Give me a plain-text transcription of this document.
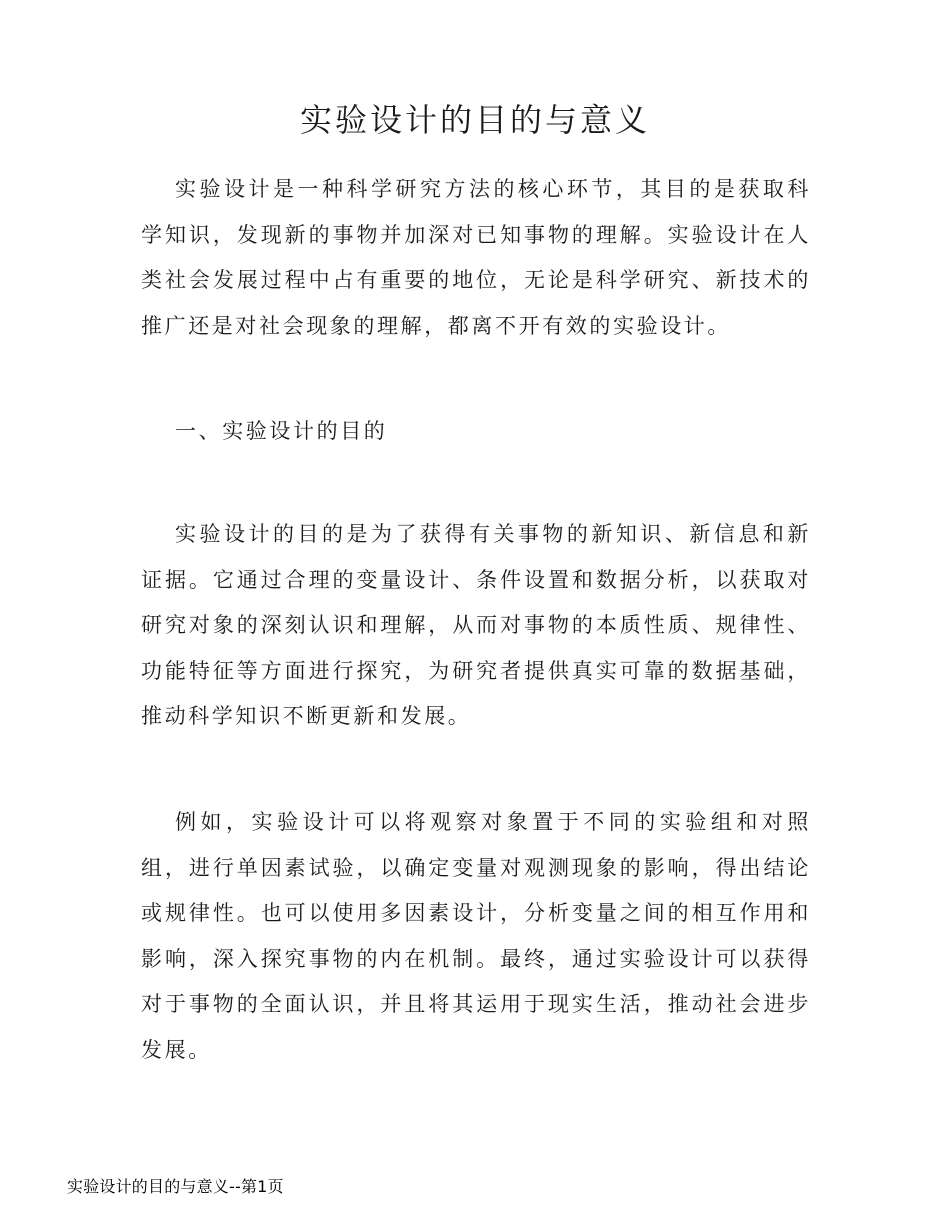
实验设计的目的与意义

实验设计是一种科学研究方法的核心环节，其目的是获取科学知识，发现新的事物并加深对已知事物的理解。实验设计在人类社会发展过程中占有重要的地位，无论是科学研究、新技术的推广还是对社会现象的理解，都离不开有效的实验设计。

一、实验设计的目的

实验设计的目的是为了获得有关事物的新知识、新信息和新证据。它通过合理的变量设计、条件设置和数据分析，以获取对研究对象的深刻认识和理解，从而对事物的本质性质、规律性、功能特征等方面进行探究，为研究者提供真实可靠的数据基础，推动科学知识不断更新和发展。

例如，实验设计可以将观察对象置于不同的实验组和对照组，进行单因素试验，以确定变量对观测现象的影响，得出结论或规律性。也可以使用多因素设计，分析变量之间的相互作用和影响，深入探究事物的内在机制。最终，通过实验设计可以获得对于事物的全面认识，并且将其运用于现实生活，推动社会进步发展。

实验设计的目的与意义--第1页
